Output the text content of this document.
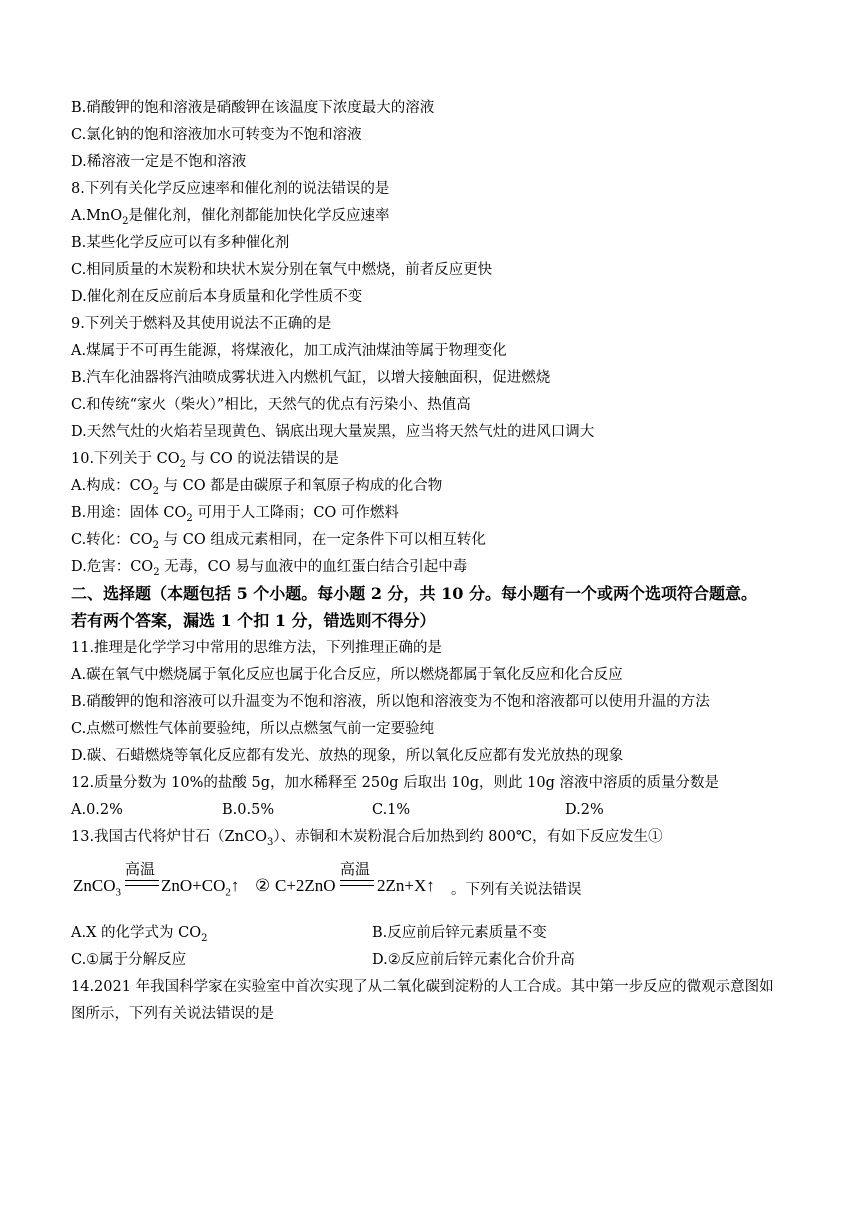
B.硝酸钾的饱和溶液是硝酸钾在该温度下浓度最大的溶液
C.氯化钠的饱和溶液加水可转变为不饱和溶液
D.稀溶液一定是不饱和溶液
8.下列有关化学反应速率和催化剂的说法错误的是
A.MnO$_2$是催化剂，催化剂都能加快化学反应速率
B.某些化学反应可以有多种催化剂
C.相同质量的木炭粉和块状木炭分别在氧气中燃烧，前者反应更快
D.催化剂在反应前后本身质量和化学性质不变
9.下列关于燃料及其使用说法不正确的是
A.煤属于不可再生能源，将煤液化，加工成汽油煤油等属于物理变化
B.汽车化油器将汽油喷成雾状进入内燃机气缸，以增大接触面积，促进燃烧
C.和传统“家火（柴火）”相比，天然气的优点有污染小、热值高
D.天然气灶的火焰若呈现黄色、锅底出现大量炭黑，应当将天然气灶的进风口调大
10.下列关于 $CO_2$ 与 CO 的说法错误的是
A.构成：$CO_2$ 与 CO 都是由碳原子和氧原子构成的化合物
B.用途：固体 $CO_2$ 可用于人工降雨；CO 可作燃料
C.转化：$CO_2$ 与 CO 组成元素相同，在一定条件下可以相互转化
D.危害：$CO_2$ 无毒，CO 易与血液中的血红蛋白结合引起中毒
二、选择题（本题包括 5 个小题。每小题 2 分，共 10 分。每小题有一个或两个选项符合题意。
若有两个答案，漏选 1 个扣 1 分，错选则不得分）
11.推理是化学学习中常用的思维方法，下列推理正确的是
A.碳在氧气中燃烧属于氧化反应也属于化合反应，所以燃烧都属于氧化反应和化合反应
B.硝酸钾的饱和溶液可以升温变为不饱和溶液，所以饱和溶液变为不饱和溶液都可以使用升温的方法
C.点燃可燃性气体前要验纯，所以点燃氢气前一定要验纯
D.碳、石蜡燃烧等氧化反应都有发光、放热的现象，所以氧化反应都有发光放热的现象
12.质量分数为 10%的盐酸 5g，加水稀释至 250g 后取出 10g，则此 10g 溶液中溶质的质量分数是
A.0.2%	B.0.5%	C.1%	D.2%
13.我国古代将炉甘石（ZnCO$_3$）、赤铜和木炭粉混合后加热到约 800℃，有如下反应发生①
ZnCO$_3$
高温
$ZnO+CO_2↑$ ② C+2ZnO
高温
2Zn+X↑ 。下列有关说法错误
A.X 的化学式为 $CO_2$	B.反应前后锌元素质量不变
C.①属于分解反应	D.②反应前后锌元素化合价升高
14.2021 年我国科学家在实验室中首次实现了从二氧化碳到淀粉的人工合成。其中第一步反应的微观示意图如
图所示，下列有关说法错误的是
